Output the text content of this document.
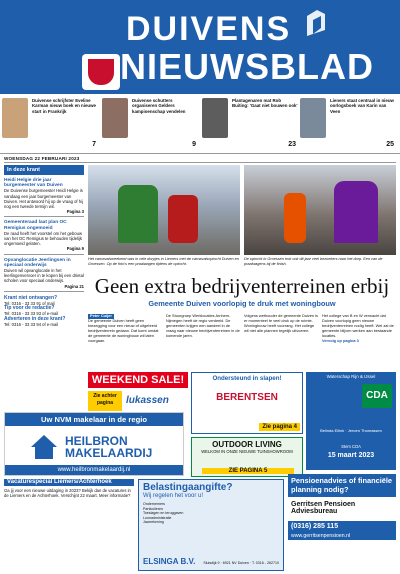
DUIVENS
NIEUWSBLAD
Duivense schrijfster Eveline Karman nieuw boek en nieuwe start in Frankrijk
7
Duivense schutters organiseren Gelders kampioenschap vendelen
9
Plantagenaren mat Rob Buiting: 'Gaat niet bouwen ook'
23
Lieners staat centraal in nieuw oorlogsboek van Karin van Veen
25
WOENSDAG 22 FEBRUARI 2023
In deze krant
Heidi Helgie drie jaar burgemeester van Duiven
De Duivense burgemeester Heidi Helgie is vandaag een jaar burgemeester van Duiven. Het antwoord hij op de vraag of hij nog een tweede termijn wil.
Pagina 3
Gemeenteraad laat plan OC Remigius ongemoeid
De raad heeft het voorstel om het gebouw van het OC Remigius te behouden tijdelijk ongemoeid gelaten.
Pagina 9
Opvanglocatie Jeerlingsen in speciaal onderwijs
Duiven wil opvanglocatie in het leerlingenvervoer in te kopen bij een drietal scholen voor speciaal onderwijs.
Pagina 21
Krant niet ontvangen?
Tel: 0316 - 33 33 91 of mail
Tip voor de redactie?
Tel: 0316 - 33 33 93 of e-mail
Adverteren in deze krant?
Tel: 0316 - 33 33 94 of e-mail
Het carnavalsweekend was in vele dorpjes in Liemers met de carnavalsoptocht Duiven en Groessen. Op de foto's een praalwagen tijdens de optocht.
De optocht in Groessen trok ook dit jaar veel bezoekers naar het dorp. Een van de praalwagens bij de finish.
Geen extra bedrijventerreinen erbij
Gemeente Duiven voorlopig te druk met woningbouw
Peter Cuijer
De gemeente Duiven heeft geen toezegging voor een nieuw of uitgebreid bedrijventerrein gedaan. Dat komt omdat de gemeente de woningbouw wil laten voorgaan.
De Stuurgroep Werklocaties Arnhem-Nijmegen heeft de regio verdeeld. De gemeenten krijgen een aandeel in de vraag naar nieuwe bedrijventerreinen in de komende jaren.
Volgens wethouder de gemeente Duiven is er momenteel te veel druk op de ruimte. Woningbouw heeft voorrang. Het college wil niet alle plannen tegelijk uitvoeren.
Het college van B en W verwacht dat Duiven voorlopig geen nieuwe bedrijventerreinen nodig heeft. Wel zal de gemeente blijven werken aan bestaande locaties.
Vervolg op pagina 3
WEEKEND SALE!
Zie achter pagina	lukassen
Ondersteund in slapen!
BERENTSEN
Zie pagina 4
Waterschap Rijn & IJssel
CDA
Belinda Eilink · Jeroen Thomassen
Stem CDA
15 maart 2023
OUTDOOR LIVING
WELKOM IN ONZE NIEUWE TUINSHOWROOM
ZIE PAGINA 5
Uw NVM makelaar in de regio
HEILBRON
MAKELAARDIJ
www.heilbronmakelaardij.nl
Vacaturespecial Liemers/Achterhoek
Ga jij voor een nieuwe uitdaging in 2023? Bekijk dan de vacatures in de Liemers en de Achterhoek. Verschijnt 22 maart. Meer informatie?
Belastingaangifte?
Wij regelen het voor u!
Ondernemers
Particulieren
Toeslagen en teruggaven
Loonadministratie
Jaarrekening
ELSINGA B.V. Sluisdijk 9 · 6921 NV Duiven · T. 0316 - 262710
Pensioenadvies of financiële planning nodig?
Gerritsen Pensioen Adviesbureau
(0316) 285 115
www.gerritsenpensioen.nl
